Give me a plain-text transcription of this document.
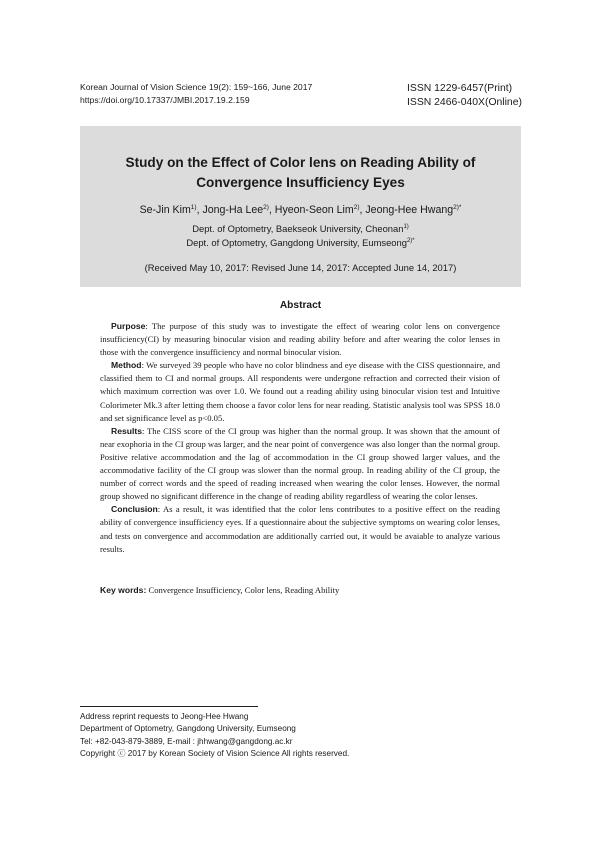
Korean Journal of Vision Science 19(2): 159~166, June 2017
https://doi.org/10.17337/JMBI.2017.19.2.159
ISSN 1229-6457(Print)
ISSN 2466-040X(Online)
Study on the Effect of Color lens on Reading Ability of
Convergence Insufficiency Eyes
Se-Jin Kim$^{1)}$, Jong-Ha Lee$^{2)}$, Hyeon-Seon Lim$^{2)}$, Jeong-Hee Hwang$^{2)*}$
Dept. of Optometry, Baekseok University, Cheonan$^{1)}$
Dept. of Optometry, Gangdong University, Eumseong$^{2)*}$
(Received May 10, 2017: Revised June 14, 2017: Accepted June 14, 2017)
Abstract

Purpose: The purpose of this study was to investigate the effect of wearing color lens on convergence insufficiency(CI) by measuring binocular vision and reading ability before and after wearing the color lenses in those with the convergence insufficiency and normal binocular vision.

Method: We surveyed 39 people who have no color blindness and eye disease with the CISS questionnaire, and classified them to CI and normal groups. All respondents were undergone refraction and corrected their vision of which maximum correction was over 1.0. We found out a reading ability using binocular vision test and Intuitive Colorimeter Mk.3 after letting them choose a favor color lens for near reading. Statistic analysis tool was SPSS 18.0 and set significance level as p<0.05.

Results: The CISS score of the CI group was higher than the normal group. It was shown that the amount of near exophoria in the CI group was larger, and the near point of convergence was also longer than the normal group. Positive relative accommodation and the lag of accommodation in the CI group showed larger values, and the accommodative facility of the CI group was slower than the normal group. In reading ability of the CI group, the number of correct words and the speed of reading increased when wearing the color lenses. However, the normal group showed no significant difference in the change of reading ability regardless of wearing the color lenses.

Conclusion: As a result, it was identified that the color lens contributes to a positive effect on the reading ability of convergence insufficiency eyes. If a questionnaire about the subjective symptoms on wearing color lenses, and tests on convergence and accommodation are additionally carried out, it would be avaiable to analyze various results.

Key words: Convergence Insufficiency, Color lens, Reading Ability
Address reprint requests to Jeong-Hee Hwang
Department of Optometry, Gangdong University, Eumseong
Tel: +82-043-879-3889, E-mail : jhhwang@gangdong.ac.kr
Copyright ⓒ 2017 by Korean Society of Vision Science All rights reserved.
